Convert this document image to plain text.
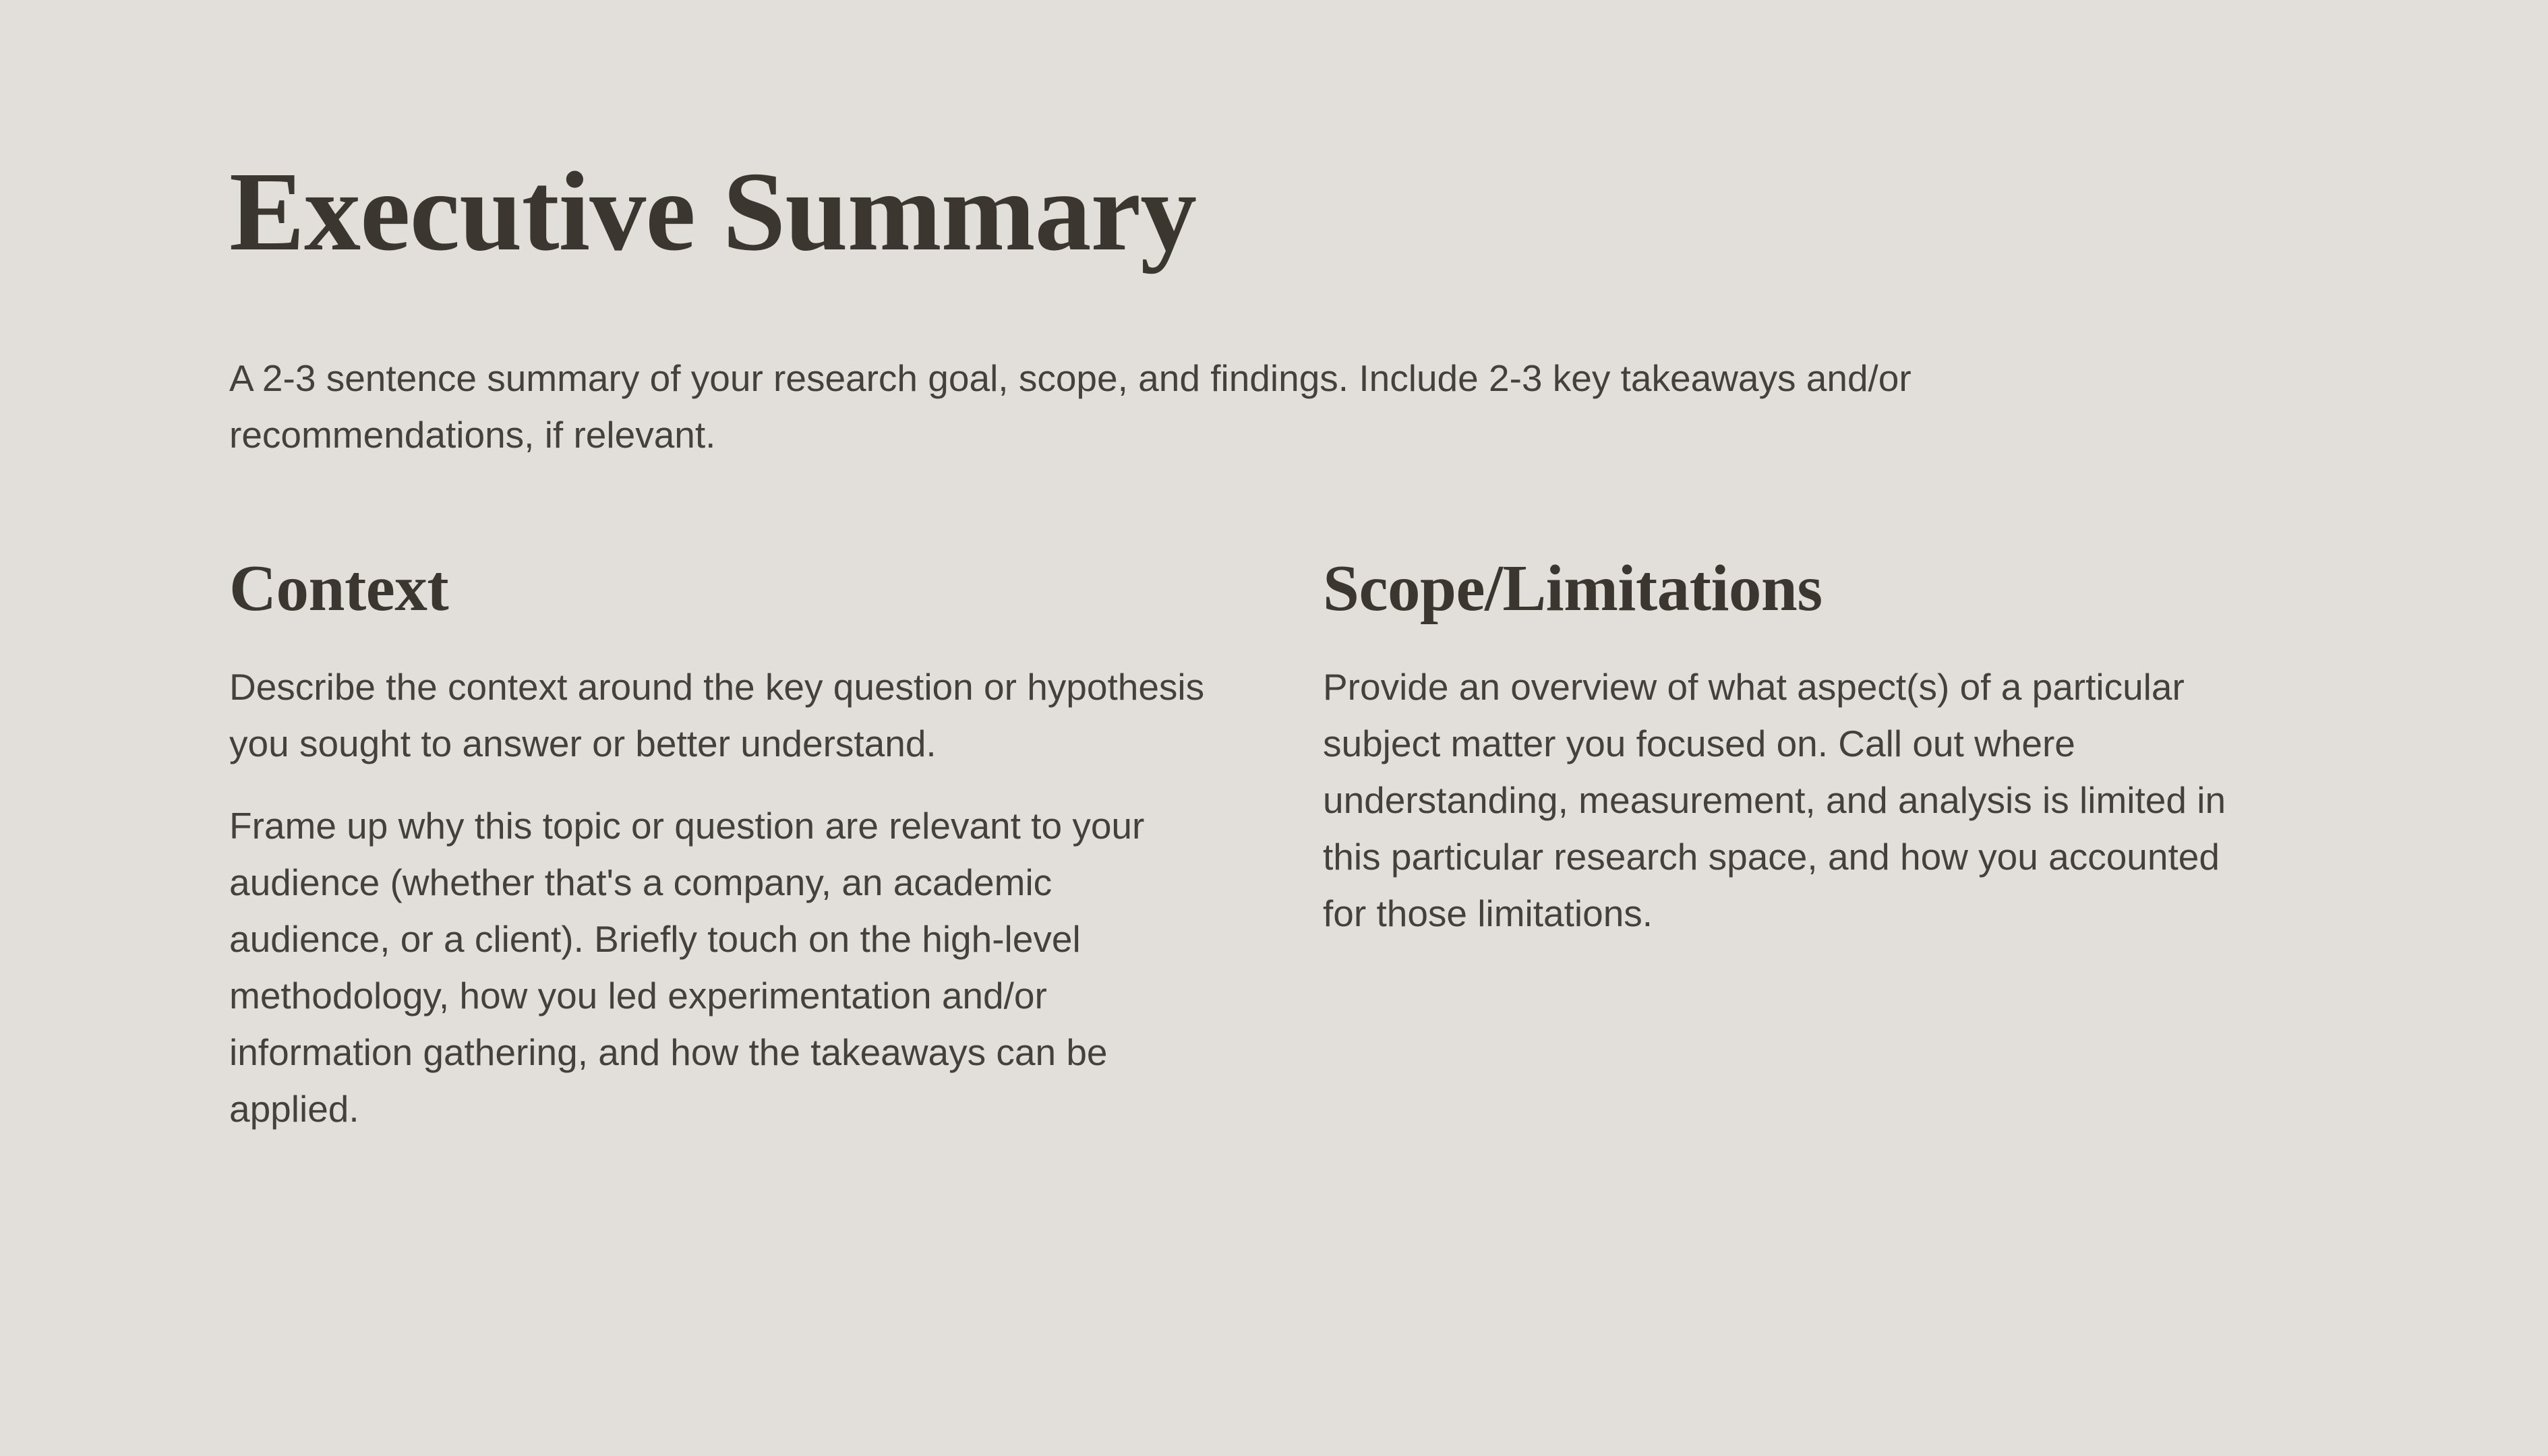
Executive Summary

A 2-3 sentence summary of your research goal, scope, and findings. Include 2-3 key takeaways and/or recommendations, if relevant.

Context

Describe the context around the key question or hypothesis you sought to answer or better understand.

Frame up why this topic or question are relevant to your audience (whether that's a company, an academic audience, or a client). Briefly touch on the high-level methodology, how you led experimentation and/or information gathering, and how the takeaways can be applied.

Scope/Limitations

Provide an overview of what aspect(s) of a particular subject matter you focused on. Call out where understanding, measurement, and analysis is limited in this particular research space, and how you accounted for those limitations.
